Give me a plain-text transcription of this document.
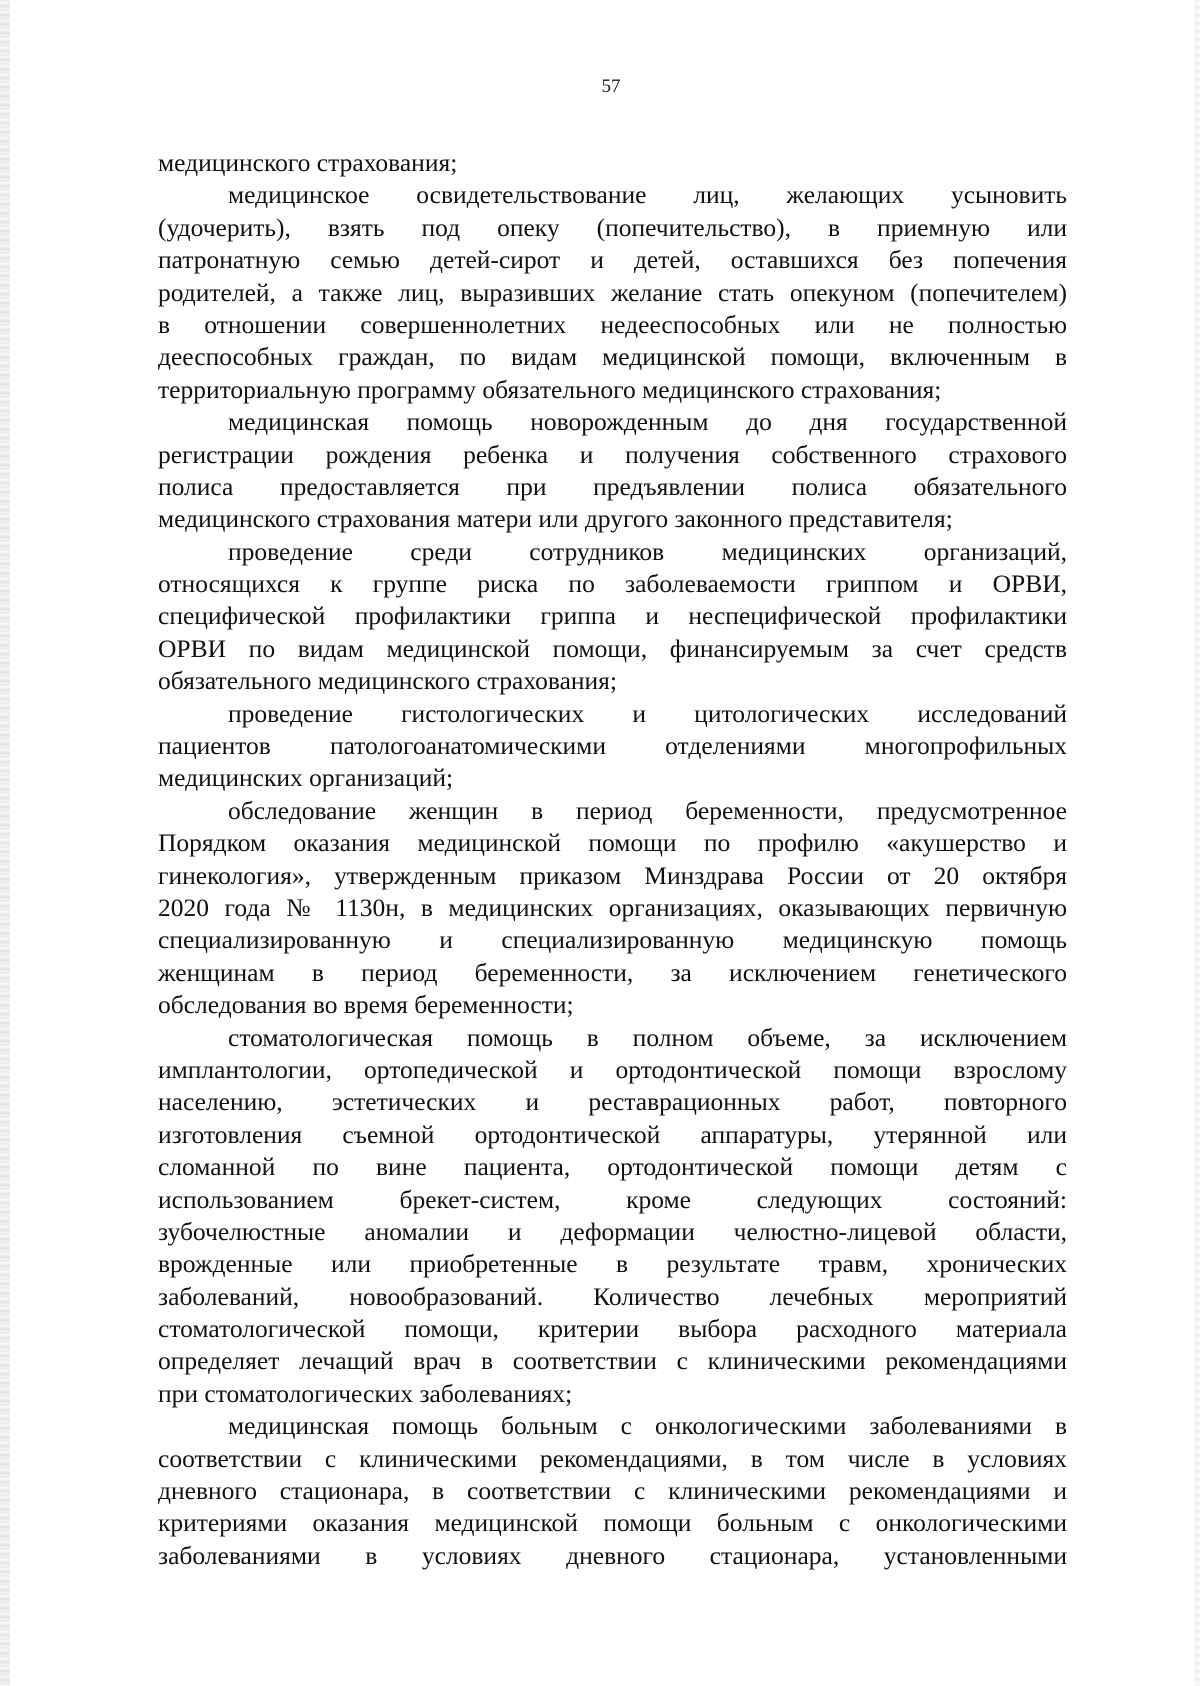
57
медицинского страхования;
медицинское освидетельствование лиц, желающих усыновить
(удочерить), взять под опеку (попечительство), в приемную или
патронатную семью детей-сирот и детей, оставшихся без попечения
родителей, а также лиц, выразивших желание стать опекуном (попечителем)
в отношении совершеннолетних недееспособных или не полностью
дееспособных граждан, по видам медицинской помощи, включенным в
территориальную программу обязательного медицинского страхования;
медицинская помощь новорожденным до дня государственной
регистрации рождения ребенка и получения собственного страхового
полиса предоставляется при предъявлении полиса обязательного
медицинского страхования матери или другого законного представителя;
проведение среди сотрудников медицинских организаций,
относящихся к группе риска по заболеваемости гриппом и ОРВИ,
специфической профилактики гриппа и неспецифической профилактики
ОРВИ по видам медицинской помощи, финансируемым за счет средств
обязательного медицинского страхования;
проведение гистологических и цитологических исследований
пациентов патологоанатомическими отделениями многопрофильных
медицинских организаций;
обследование женщин в период беременности, предусмотренное
Порядком оказания медицинской помощи по профилю «акушерство и
гинекология», утвержденным приказом Минздрава России от 20 октября
2020 года № 1130н, в медицинских организациях, оказывающих первичную
специализированную и специализированную медицинскую помощь
женщинам в период беременности, за исключением генетического
обследования во время беременности;
стоматологическая помощь в полном объеме, за исключением
имплантологии, ортопедической и ортодонтической помощи взрослому
населению, эстетических и реставрационных работ, повторного
изготовления съемной ортодонтической аппаратуры, утерянной или
сломанной по вине пациента, ортодонтической помощи детям с
использованием брекет-систем, кроме следующих состояний:
зубочелюстные аномалии и деформации челюстно-лицевой области,
врожденные или приобретенные в результате травм, хронических
заболеваний, новообразований. Количество лечебных мероприятий
стоматологической помощи, критерии выбора расходного материала
определяет лечащий врач в соответствии с клиническими рекомендациями
при стоматологических заболеваниях;
медицинская помощь больным с онкологическими заболеваниями в
соответствии с клиническими рекомендациями, в том числе в условиях
дневного стационара, в соответствии с клиническими рекомендациями и
критериями оказания медицинской помощи больным с онкологическими
заболеваниями в условиях дневного стационара, установленными
